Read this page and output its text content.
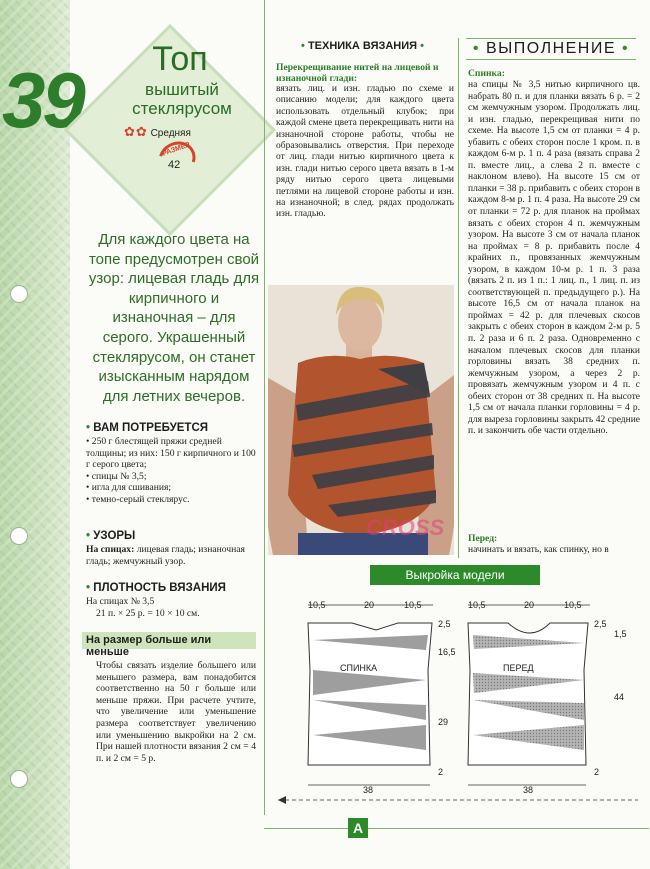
39	Топ
вышитый стеклярусом
✿✿ Средняя
РАЗМЕР
42
Для каждого цвета на топе предусмотрен свой узор: лицевая гладь для кирпичного и изнаночная – для серого. Украшенный стеклярусом, он станет изысканным нарядом для летних вечеров.
• ВАМ ПОТРЕБУЕТСЯ
• 250 г блестящей пряжи средней толщины; из них: 150 г кирпичного и 100 г серого цвета;
• спицы № 3,5;
• игла для сшивания;
• темно-серый стеклярус.
• УЗОРЫ
На спицах: лицевая гладь; изнаночная гладь; жемчужный узор.
• ПЛОТНОСТЬ ВЯЗАНИЯ
На спицах № 3,5
21 п. × 25 р. = 10 × 10 см.
На размер больше или меньше
Чтобы связать изделие большего или меньшего размера, вам понадобится соответственно на 50 г больше или меньше пряжи. При расчете учтите, что увеличение или уменьшение размера соответствует увеличению или уменьшению выкройки на 2 см. При нашей плотности вязания 2 см = 4 п. и 2 см = 5 р.
• ТЕХНИКА ВЯЗАНИЯ •
Перекрещивание нитей на лицевой и изнаночной глади:
вязать лиц. и изн. гладью по схеме и описанию модели; для каждого цвета использовать отдельный клубок; при каждой смене цвета перекрещивать нити на изнаночной стороне работы, чтобы не образовывались отверстия. При переходе от лиц. глади нитью кирпичного цвета к изн. глади нитью серого цвета вязать в 1-м ряду нитью серого цвета лицевыми петлями на лицевой стороне работы и изн. на изнаночной; в след. рядах продолжать изн. гладью.
• ВЫПОЛНЕНИЕ •
Спинка:
на спицы № 3,5 нитью кирпичного цв. набрать 80 п. и для планки вязать 6 р. = 2 см жемчужным узором. Продолжать лиц. и изн. гладью, перекрещивая нити по схеме. На высоте 1,5 см от планки = 4 р. убавить с обеих сторон после 1 кром. п. в каждом 6-м р. 1 п. 4 раза (вязать справа 2 п. вместе лиц., а слева 2 п. вместе с наклоном влево). На высоте 15 см от планки = 38 р. прибавить с обеих сторон в каждом 8-м р. 1 п. 4 раза. На высоте 29 см от планки = 72 р. для планок на проймах вязать с обеих сторон 4 п. жемчужным узором. На высоте 3 см от начала планок на проймах = 8 р. прибавить после 4 крайних п., провязанных жемчужным узором, в каждом 10-м р. 1 п. 3 раза (вязать 2 п. из 1 п.: 1 лиц. п., 1 лиц. п. из соответствующей п. предыдущего р.). На высоте 16,5 см от начала планок на проймах = 42 р. для плечевых скосов закрыть с обеих сторон в каждом 2-м р. 5 п. 2 раза и 6 п. 2 раза. Одновременно с началом плечевых скосов для планки горловины вязать 38 средних п. жемчужным узором, а через 2 р. провязать жемчужным узором и 4 п. с обеих сторон от 38 средних п. На высоте 1,5 см от начала планки горловины = 4 р. для выреза горловины закрыть 42 средние п. и закончить обе части отдельно.
Перед:
начинать и вязать, как спинку, но в
CROSS
Выкройка модели
10,5	20	10,5
СПИНКА
38
2,5
16,5
29
2
10,5	20	10,5
ПЕРЕД
38
2,5
1,5
44
2
А
